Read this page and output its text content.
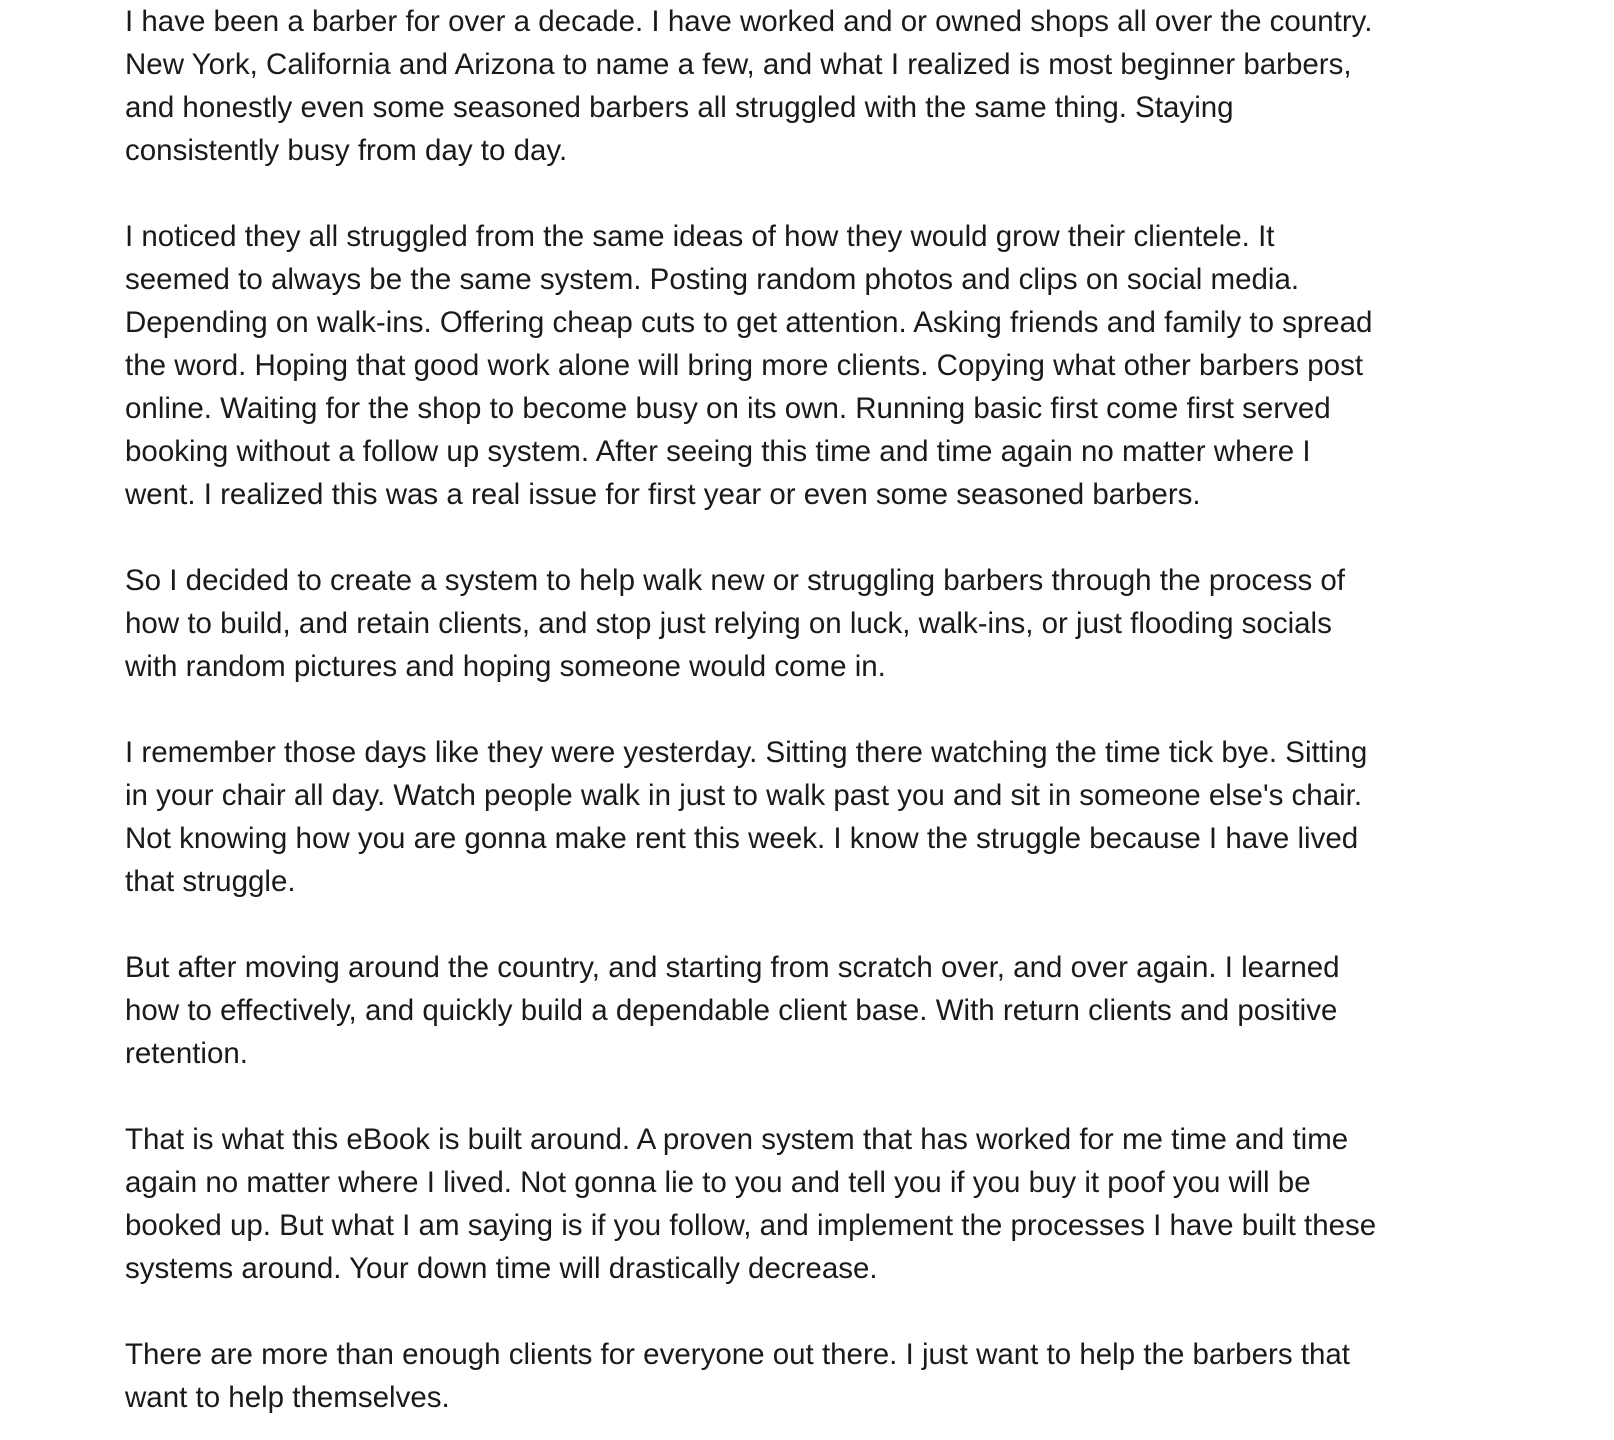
I have been a barber for over a decade. I have worked and or owned shops all over the country.
New York, California and Arizona to name a few, and what I realized is most beginner barbers,
and honestly even some seasoned barbers all struggled with the same thing. Staying
consistently busy from day to day.

I noticed they all struggled from the same ideas of how they would grow their clientele. It
seemed to always be the same system. Posting random photos and clips on social media.
Depending on walk-ins. Offering cheap cuts to get attention. Asking friends and family to spread
the word. Hoping that good work alone will bring more clients. Copying what other barbers post
online. Waiting for the shop to become busy on its own. Running basic first come first served
booking without a follow up system. After seeing this time and time again no matter where I
went. I realized this was a real issue for first year or even some seasoned barbers.

So I decided to create a system to help walk new or struggling barbers through the process of
how to build, and retain clients, and stop just relying on luck, walk-ins, or just flooding socials
with random pictures and hoping someone would come in.

I remember those days like they were yesterday. Sitting there watching the time tick bye. Sitting
in your chair all day. Watch people walk in just to walk past you and sit in someone else's chair.
Not knowing how you are gonna make rent this week. I know the struggle because I have lived
that struggle.

But after moving around the country, and starting from scratch over, and over again. I learned
how to effectively, and quickly build a dependable client base. With return clients and positive
retention.

That is what this eBook is built around. A proven system that has worked for me time and time
again no matter where I lived. Not gonna lie to you and tell you if you buy it poof you will be
booked up. But what I am saying is if you follow, and implement the processes I have built these
systems around. Your down time will drastically decrease.

There are more than enough clients for everyone out there. I just want to help the barbers that
want to help themselves.
